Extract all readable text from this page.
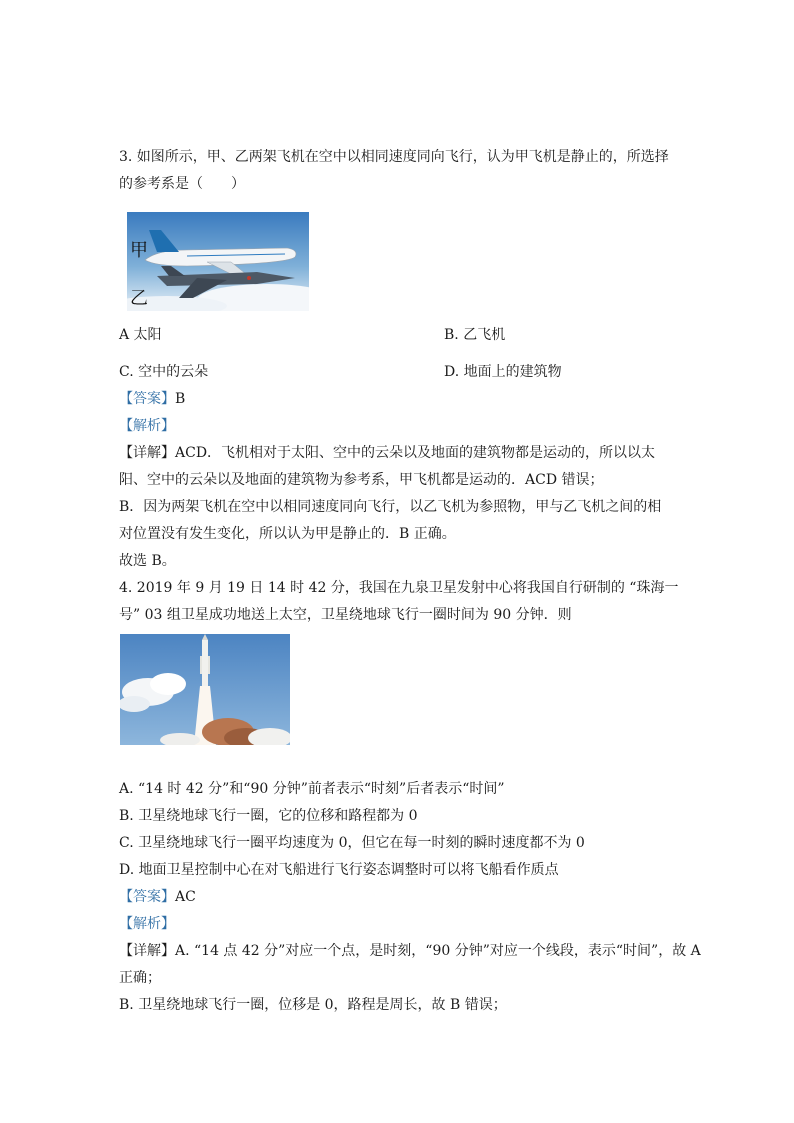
3. 如图所示，甲、乙两架飞机在空中以相同速度同向飞行，认为甲飞机是静止的，所选择
的参考系是（　　）
甲
乙
A 太阳	B. 乙飞机
C. 空中的云朵	D. 地面上的建筑物
【答案】B
【解析】
【详解】ACD．飞机相对于太阳、空中的云朵以及地面的建筑物都是运动的，所以以太
阳、空中的云朵以及地面的建筑物为参考系，甲飞机都是运动的．ACD 错误；
B．因为两架飞机在空中以相同速度同向飞行，以乙飞机为参照物，甲与乙飞机之间的相
对位置没有发生变化，所以认为甲是静止的．B 正确。
故选 B。
4. 2019 年 9 月 19 日 14 时 42 分，我国在九泉卫星发射中心将我国自行研制的 “珠海一
号” 03 组卫星成功地送上太空，卫星绕地球飞行一圈时间为 90 分钟．则
A. “14 时 42 分”和“90 分钟”前者表示“时刻”后者表示“时间”
B. 卫星绕地球飞行一圈，它的位移和路程都为 0
C. 卫星绕地球飞行一圈平均速度为 0，但它在每一时刻的瞬时速度都不为 0
D. 地面卫星控制中心在对飞船进行飞行姿态调整时可以将飞船看作质点
【答案】AC
【解析】
【详解】A. “14 点 42 分”对应一个点，是时刻，“90 分钟”对应一个线段，表示“时间”，故 A
正确；
B. 卫星绕地球飞行一圈，位移是 0，路程是周长，故 B 错误；
